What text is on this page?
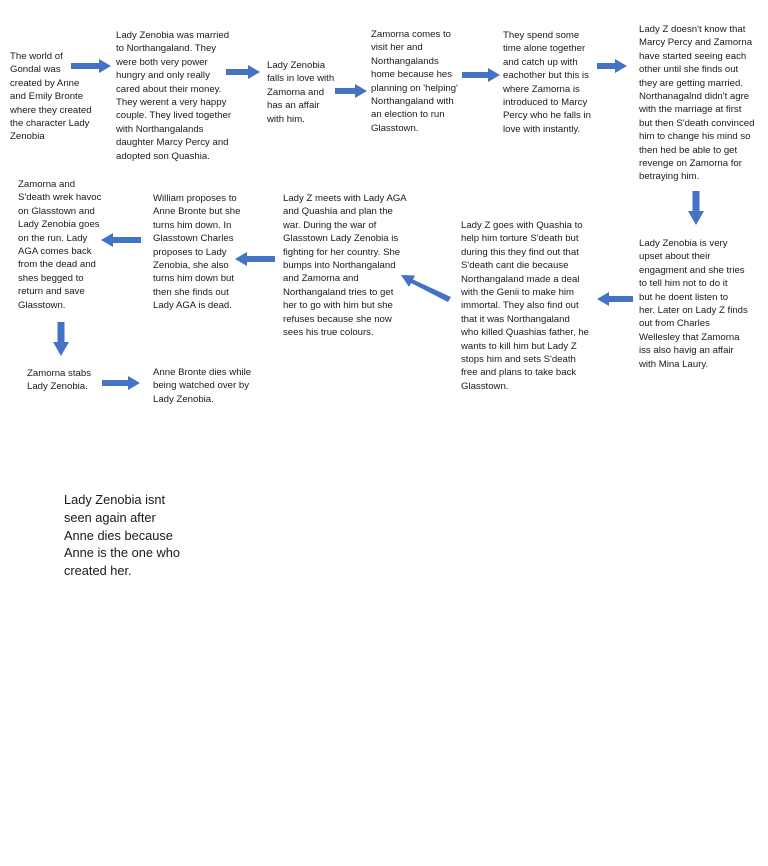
The world of
Gondal was
created by Anne
and Emily Bronte
where they created
the character Lady
Zenobia
Lady Zenobia was married
to Northangaland. They
were both very power
hungry and only really
cared about their money.
They werent a very happy
couple. They lived together
with Northangalands
daughter Marcy Percy and
adopted son Quashia.
Lady Zenobia
falls in love with
Zamorna and
has an affair
with him.
Zamorna comes to
visit her and
Northangalands
home because hes
planning on 'helping'
Northangaland with
an election to run
Glasstown.
They spend some
time alone together
and catch up with
eachother but this is
where Zamorna is
introduced to Marcy
Percy who he falls in
love with instantly.
Lady Z doesn't know that
Marcy Percy and Zamorna
have started seeing each
other until she finds out
they are getting married.
Northanagalnd didn't agre
with the marriage at first
but then S'death convinced
him to change his mind so
then hed be able to get
revenge on Zamorna for
betraying him.
Lady Zenobia is very
upset about their
engagment and she tries
to tell him not to do it
but he doent listen to
her. Later on Lady Z finds
out from Charles
Wellesley that Zamorna
iss also havig an affair
with Mina Laury.
Lady Z goes with Quashia to
help him torture S'death but
during this they find out that
S'death cant die because
Northangaland made a deal
with the Genii to make him
immortal. They also find out
that it was Northangaland
who killed Quashias father, he
wants to kill him but Lady Z
stops him and sets S'death
free and plans to take back
Glasstown.
Lady Z meets with Lady AGA
and Quashia and plan the
war. During the war of
Glasstown Lady Zenobia is
fighting for her country. She
bumps into Northangaland
and Zamorna and
Northangaland tries to get
her to go with him but she
refuses because she now
sees his true colours.
William proposes to
Anne Bronte but she
turns him down. In
Glasstown Charles
proposes to Lady
Zenobia, she also
turns him down but
then she finds out
Lady AGA is dead.
Zamorna and
S'death wrek havoc
on Glasstown and
Lady Zenobia goes
on the run. Lady
AGA comes back
from the dead and
shes begged to
return and save
Glasstown.
Zamorna stabs
Lady Zenobia.
Anne Bronte dies while
being watched over by
Lady Zenobia.
Lady Zenobia isnt
seen again after
Anne dies because
Anne is the one who
created her.
